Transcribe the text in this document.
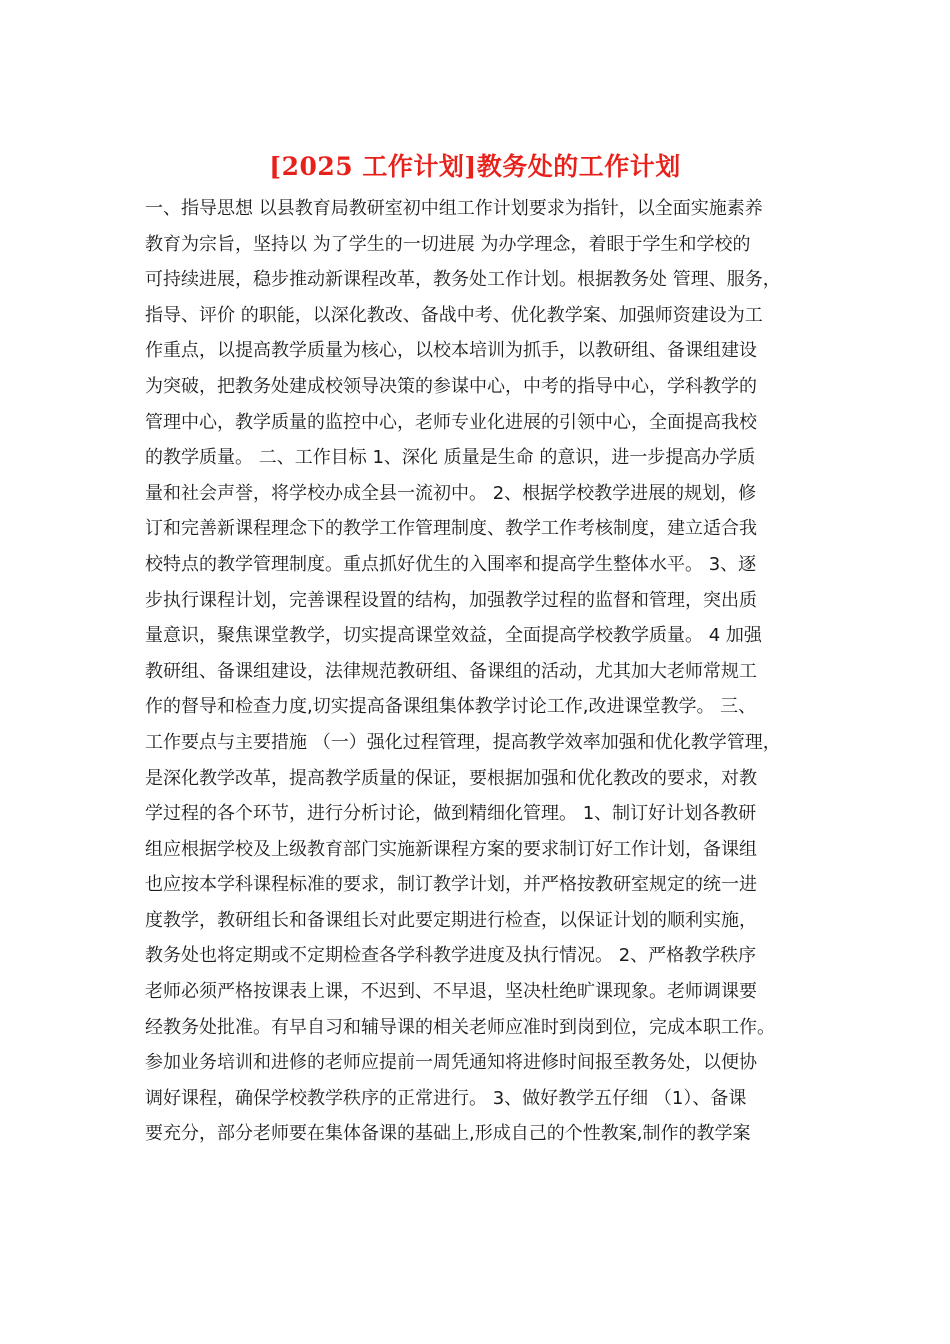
[2025 工作计划]教务处的工作计划
一、指导思想 以县教育局教研室初中组工作计划要求为指针，以全面实施素养
教育为宗旨，坚持以 为了学生的一切进展 为办学理念，着眼于学生和学校的
可持续进展，稳步推动新课程改革，教务处工作计划。根据教务处 管理、服务，
指导、评价 的职能，以深化教改、备战中考、优化教学案、加强师资建设为工
作重点，以提高教学质量为核心，以校本培训为抓手，以教研组、备课组建设
为突破，把教务处建成校领导决策的参谋中心，中考的指导中心，学科教学的
管理中心，教学质量的监控中心，老师专业化进展的引领中心，全面提高我校
的教学质量。 二、工作目标 1、深化 质量是生命 的意识，进一步提高办学质
量和社会声誉，将学校办成全县一流初中。 2、根据学校教学进展的规划，修
订和完善新课程理念下的教学工作管理制度、教学工作考核制度，建立适合我
校特点的教学管理制度。重点抓好优生的入围率和提高学生整体水平。 3、逐
步执行课程计划，完善课程设置的结构，加强教学过程的监督和管理，突出质
量意识，聚焦课堂教学，切实提高课堂效益，全面提高学校教学质量。 4 加强
教研组、备课组建设，法律规范教研组、备课组的活动，尤其加大老师常规工
作的督导和检查力度,切实提高备课组集体教学讨论工作,改进课堂教学。 三、
工作要点与主要措施 （一）强化过程管理，提高教学效率加强和优化教学管理，
是深化教学改革，提高教学质量的保证，要根据加强和优化教改的要求，对教
学过程的各个环节，进行分析讨论，做到精细化管理。 1、制订好计划各教研
组应根据学校及上级教育部门实施新课程方案的要求制订好工作计划，备课组
也应按本学科课程标准的要求，制订教学计划，并严格按教研室规定的统一进
度教学，教研组长和备课组长对此要定期进行检查，以保证计划的顺利实施，
教务处也将定期或不定期检查各学科教学进度及执行情况。 2、严格教学秩序
老师必须严格按课表上课，不迟到、不早退，坚决杜绝旷课现象。老师调课要
经教务处批准。有早自习和辅导课的相关老师应准时到岗到位，完成本职工作。
参加业务培训和进修的老师应提前一周凭通知将进修时间报至教务处，以便协
调好课程，确保学校教学秩序的正常进行。 3、做好教学五仔细 （1）、备课
要充分，部分老师要在集体备课的基础上,形成自己的个性教案,制作的教学案
